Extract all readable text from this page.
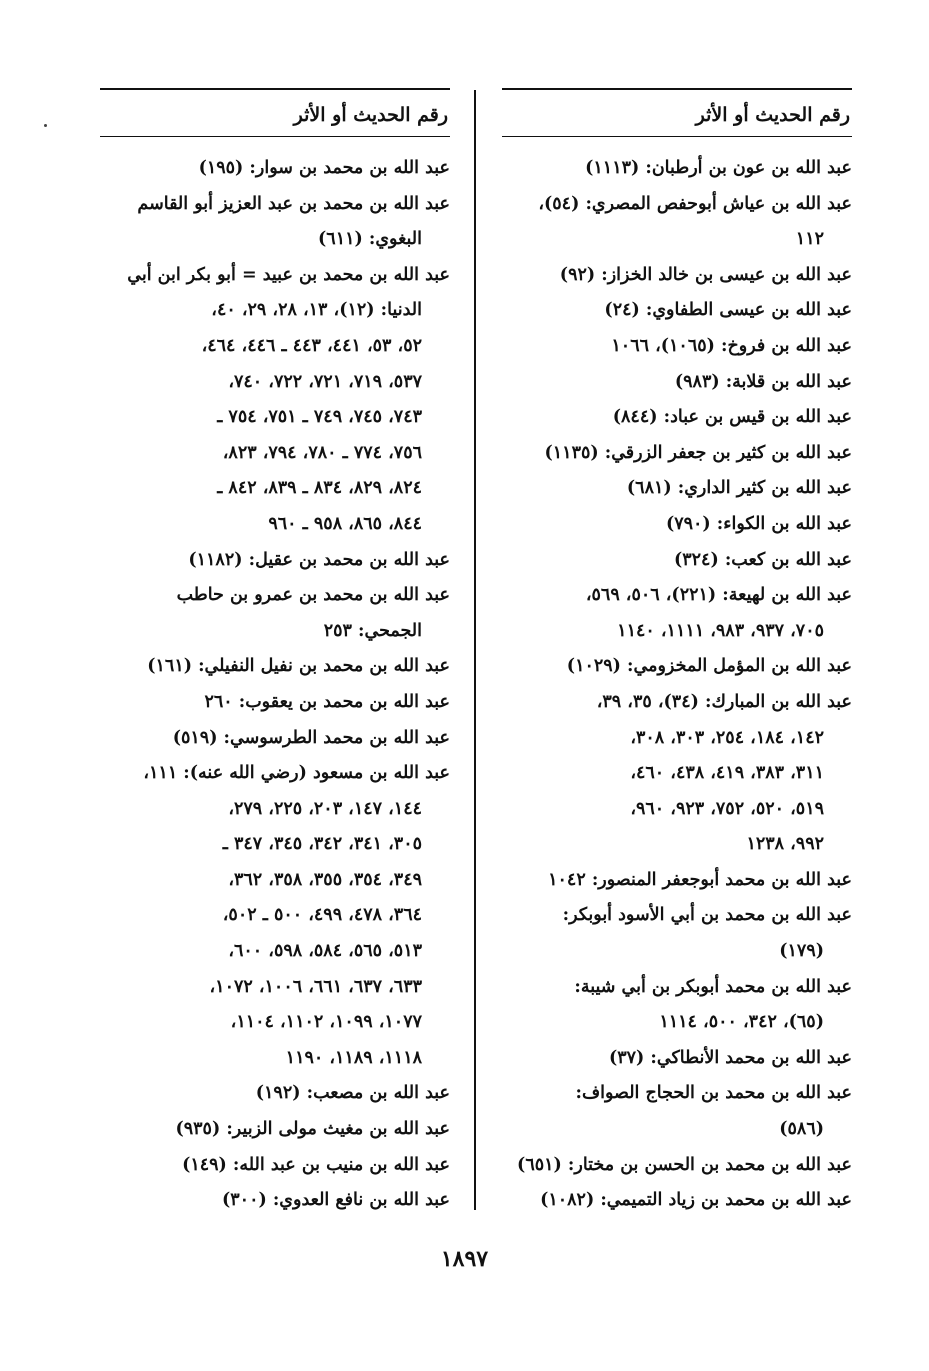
رقم الحديث أو الأثر
عبد الله بن عون بن أرطبان: (١١١٣)
عبد الله بن عياش أبوحفص المصري: (٥٤)،
١١٢
عبد الله بن عيسى بن خالد الخزاز: (٩٢)
عبد الله بن عيسى الطفاوي: (٢٤)
عبد الله بن فروخ: (١٠٦٥)، ١٠٦٦
عبد الله بن قلابة: (٩٨٣)
عبد الله بن قيس بن عباد: (٨٤٤)
عبد الله بن كثير بن جعفر الزرقي: (١١٣٥)
عبد الله بن كثير الداري: (٦٨١)
عبد الله بن الكواء: (٧٩٠)
عبد الله بن كعب: (٣٢٤)
عبد الله بن لهيعة: (٢٢١)، ٥٠٦، ٥٦٩،
٧٠٥، ٩٣٧، ٩٨٣، ١١١١، ١١٤٠
عبد الله بن المؤمل المخزومي: (١٠٢٩)
عبد الله بن المبارك: (٣٤)، ٣٥، ٣٩،
١٤٢، ١٨٤، ٢٥٤، ٣٠٣، ٣٠٨،
٣١١، ٣٨٣، ٤١٩، ٤٣٨، ٤٦٠،
٥١٩، ٥٢٠، ٧٥٢، ٩٢٣، ٩٦٠،
٩٩٢، ١٢٣٨
عبد الله بن محمد أبوجعفر المنصور: ١٠٤٢
عبد الله بن محمد بن أبي الأسود أبوبكر:
(١٧٩)
عبد الله بن محمد أبوبكر بن أبي شيبة:
(٦٥)، ٣٤٢، ٥٠٠، ١١١٤
عبد الله بن محمد الأنطاكي: (٣٧)
عبد الله بن محمد بن الحجاج الصواف:
(٥٨٦)
عبد الله بن محمد بن الحسن بن مختار: (٦٥١)
عبد الله بن محمد بن زياد التميمي: (١٠٨٢)
رقم الحديث أو الأثر
عبد الله بن محمد بن سوار: (١٩٥)
عبد الله بن محمد بن عبد العزيز أبو القاسم
البغوي: (٦١١)
عبد الله بن محمد بن عبيد = أبو بكر ابن أبي
الدنيا: (١٢)، ١٣، ٢٨، ٢٩، ٤٠،
٥٢، ٥٣، ٤٤١، ٤٤٣ ـ ٤٤٦، ٤٦٤،
٥٣٧، ٧١٩، ٧٢١، ٧٢٢، ٧٤٠،
٧٤٣، ٧٤٥، ٧٤٩ ـ ٧٥١، ٧٥٤ ـ
٧٥٦، ٧٧٤ ـ ٧٨٠، ٧٩٤، ٨٢٣،
٨٢٤، ٨٢٩، ٨٣٤ ـ ٨٣٩، ٨٤٢ ـ
٨٤٤، ٨٦٥، ٩٥٨ ـ ٩٦٠
عبد الله بن محمد بن عقيل: (١١٨٢)
عبد الله بن محمد بن عمرو بن حاطب
الجمحي: ٢٥٣
عبد الله بن محمد بن نفيل النفيلي: (١٦١)
عبد الله بن محمد بن يعقوب: ٢٦٠
عبد الله بن محمد الطرسوسي: (٥١٩)
عبد الله بن مسعود (رضي الله عنه): ١١١،
١٤٤، ١٤٧، ٢٠٣، ٢٢٥، ٢٧٩،
٣٠٥، ٣٤١، ٣٤٢، ٣٤٥، ٣٤٧ ـ
٣٤٩، ٣٥٤، ٣٥٥، ٣٥٨، ٣٦٢،
٣٦٤، ٤٧٨، ٤٩٩، ٥٠٠ ـ ٥٠٢،
٥١٣، ٥٦٥، ٥٨٤، ٥٩٨، ٦٠٠،
٦٣٣، ٦٣٧، ٦٦١، ١٠٠٦، ١٠٧٢،
١٠٧٧، ١٠٩٩، ١١٠٢، ١١٠٤،
١١١٨، ١١٨٩، ١١٩٠
عبد الله بن مصعب: (١٩٢)
عبد الله بن مغيث مولى الزبير: (٩٣٥)
عبد الله بن منيب بن عبد الله: (١٤٩)
عبد الله بن نافع العدوي: (٣٠٠)
١٨٩٧
